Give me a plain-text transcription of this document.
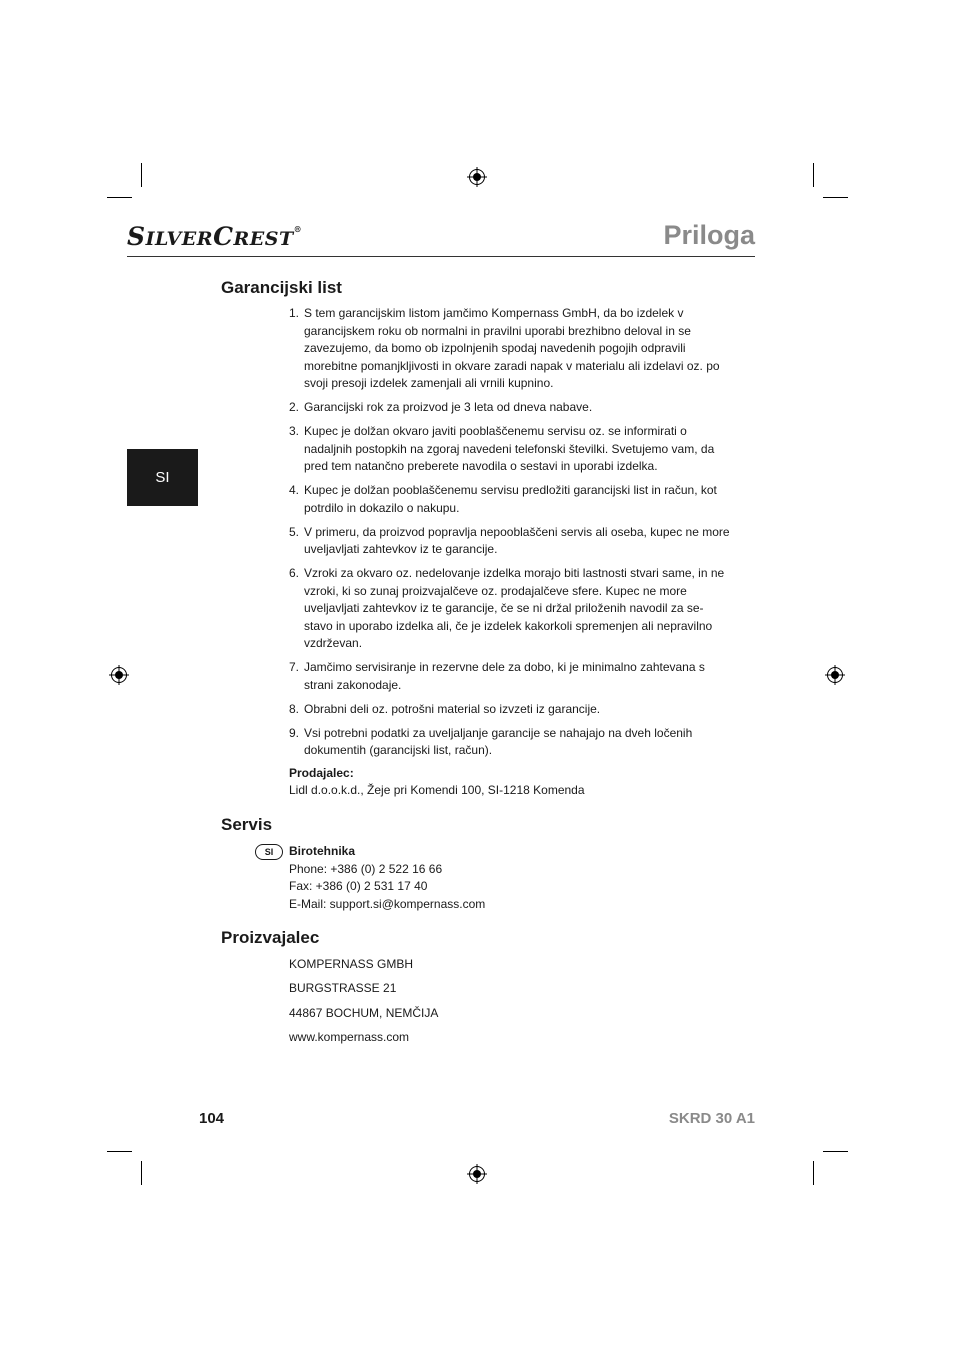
SILVERCREST®	Priloga
SI
Garancijski list
1. S tem garancijskim listom jamčimo Kompernass GmbH, da bo izdelek v garancijskem roku ob normalni in pravilni uporabi brezhibno deloval in se zavezujemo, da bomo ob izpolnjenih spodaj navedenih pogojih odpravili morebitne pomanjkljivosti in okvare zaradi napak v materialu ali izdelavi oz. po svoji presoji izdelek zamenjali ali vrnili kupnino.
2. Garancijski rok za proizvod je 3 leta od dneva nabave.
3. Kupec je dolžan okvaro javiti pooblaščenemu servisu oz. se informirati o nadaljnih postopkih na zgoraj navedeni telefonski številki. Svetujemo vam, da pred tem natančno preberete navodila o sestavi in uporabi izdelka.
4. Kupec je dolžan pooblaščenemu servisu predložiti garancijski list in račun, kot potrdilo in dokazilo o nakupu.
5. V primeru, da proizvod popravlja nepooblaščeni servis ali oseba, kupec ne more uveljavljati zahtevkov iz te garancije.
6. Vzroki za okvaro oz. nedelovanje izdelka morajo biti lastnosti stvari same, in ne vzroki, ki so zunaj proizvajalčeve oz. prodajalčeve sfere. Kupec ne more uveljavljati zahtevkov iz te garancije, če se ni držal priloženih navodil za se- stavo in uporabo izdelka ali, če je izdelek kakorkoli spremenjen ali nepravilno vzdrževan.
7. Jamčimo servisiranje in rezervne dele za dobo, ki je minimalno zahtevana s strani zakonodaje.
8. Obrabni deli oz. potrošni material so izvzeti iz garancije.
9. Vsi potrebni podatki za uveljaljanje garancije se nahajajo na dveh ločenih dokumentih (garancijski list, račun).
Prodajalec:
Lidl d.o.o.k.d., Žeje pri Komendi 100, SI-1218 Komenda
Servis
SI	Birotehnika
Phone: +386 (0) 2 522 16 66
Fax: +386 (0) 2 531 17 40
E-Mail: support.si@kompernass.com
Proizvajalec
KOMPERNASS GMBH
BURGSTRASSE 21
44867 BOCHUM, NEMČIJA
www.kompernass.com
104	SKRD 30 A1
